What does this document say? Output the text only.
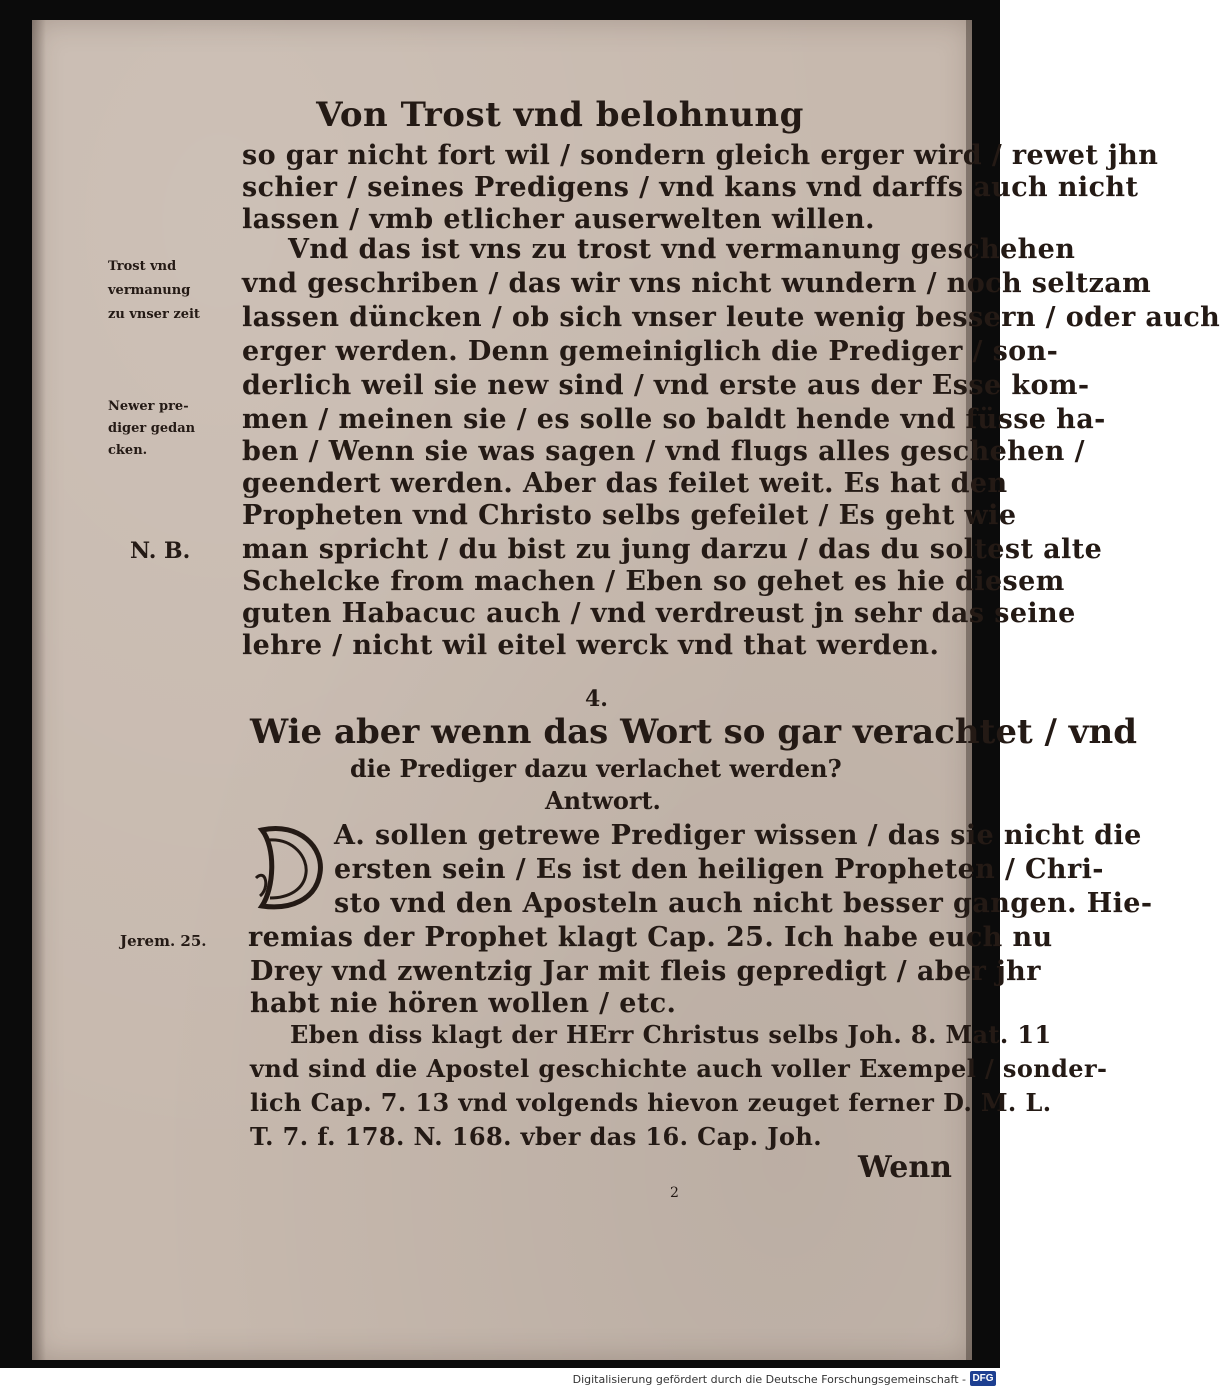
Von Trost vnd belohnung

so gar nicht fort wil / sondern gleich erger wird / rewet jhn

schier / seines Predigens / vnd kans vnd darffs auch nicht

lassen / vmb etlicher auserwelten willen.

Vnd das ist vns zu trost vnd vermanung geschehen

vnd geschriben / das wir vns nicht wundern / noch seltzam

lassen düncken / ob sich vnser leute wenig bessern / oder auch

erger werden. Denn gemeiniglich die Prediger / son-

derlich weil sie new sind / vnd erste aus der Esse kom-

men / meinen sie / es solle so baldt hende vnd füsse ha-

ben / Wenn sie was sagen / vnd flugs alles geschehen /

geendert werden. Aber das feilet weit. Es hat den

Propheten vnd Christo selbs gefeilet / Es geht wie

man spricht / du bist zu jung darzu / das du soltest alte

Schelcke from machen / Eben so gehet es hie diesem

guten Habacuc auch / vnd verdreust jn sehr das seine

lehre / nicht wil eitel werck vnd that werden.

Trost vnd

vermanung

zu vnser zeit

Newer pre-

diger gedan

cken.

N. B.

Jerem. 25.

4.

Wie aber wenn das Wort so gar verachtet / vnd

die Prediger dazu verlachet werden?

Antwort.

A. sollen getrewe Prediger wissen / das sie nicht die

ersten sein / Es ist den heiligen Propheten / Chri-

sto vnd den Aposteln auch nicht besser gangen. Hie-

remias der Prophet klagt Cap. 25. Ich habe euch nu

Drey vnd zwentzig Jar mit fleis gepredigt / aber jhr

habt nie hören wollen / etc.

Eben diss klagt der HErr Christus selbs Joh. 8. Mat. 11

vnd sind die Apostel geschichte auch voller Exempel / sonder-

lich Cap. 7. 13 vnd volgends hievon zeuget ferner D. M. L.

T. 7. f. 178. N. 168. vber das 16. Cap. Joh.

Wenn

2

Digitalisierung gefördert durch die Deutsche Forschungsgemeinschaft - DFG
